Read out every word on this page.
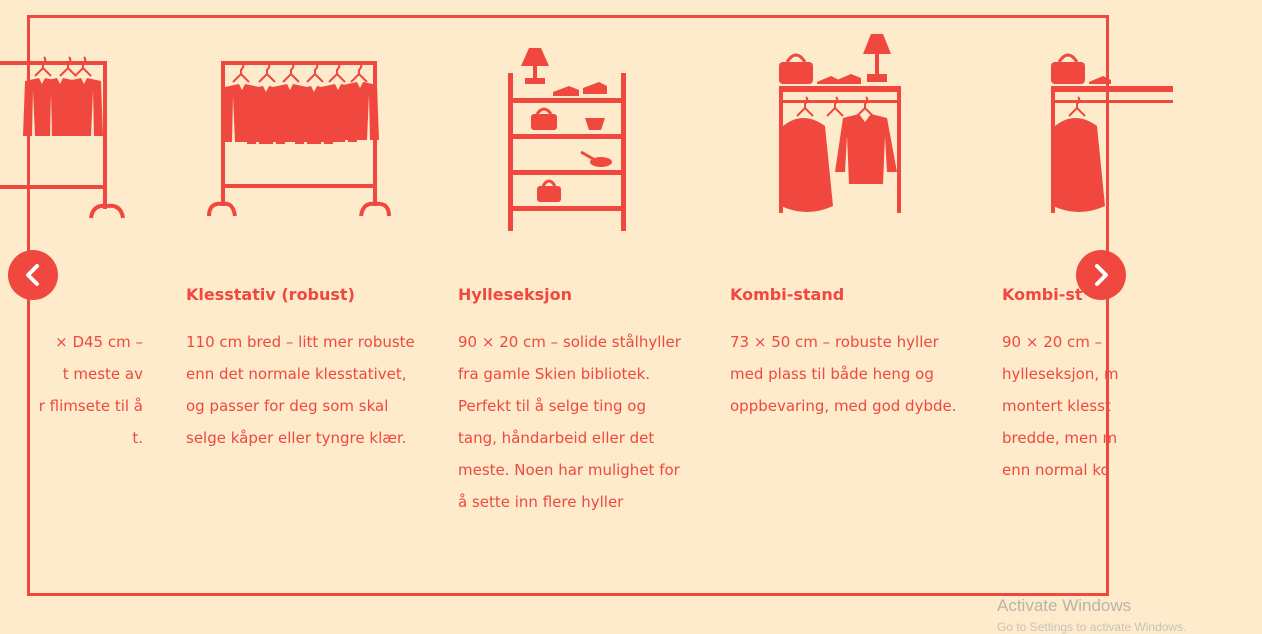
× D45 cm –
t meste av
r flimsete til å
t.
Klesstativ (robust)
110 cm bred – litt mer robuste
enn det normale klesstativet,
og passer for deg som skal
selge kåper eller tyngre klær.
Hylleseksjon
90 × 20 cm – solide stålhyller
fra gamle Skien bibliotek.
Perfekt til å selge ting og
tang, håndarbeid eller det
meste. Noen har mulighet for
å sette inn flere hyller
Kombi-stand
73 × 50 cm – robuste hyller
med plass til både heng og
oppbevaring, med god dybde.
Kombi-st
90 × 20 cm –
hylleseksjon, m
montert klesst
bredde, men m
enn normal ko
Activate Windows
Go to Settings to activate Windows.
